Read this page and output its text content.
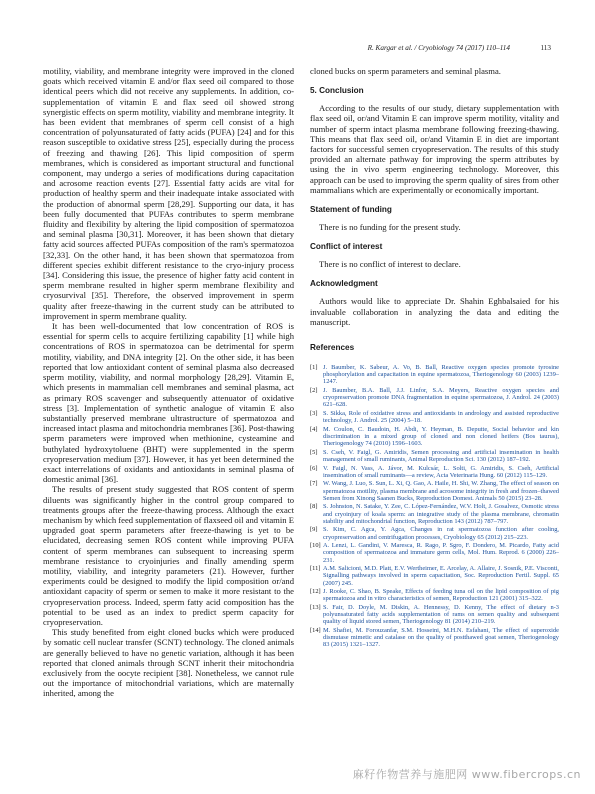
R. Kargar et al. / Cryobiology 74 (2017) 110–114	113

motility, viability, and membrane integrity were improved in the cloned goats which received vitamin E and/or flax seed oil compared to those identical peers which did not receive any supplements. In addition, co-supplementation of vitamin E and flax seed oil showed strong synergistic effects on sperm motility, viability and membrane integrity. It has been evident that membranes of sperm cell consist of a high concentration of polyunsaturated of fatty acids (PUFA) [24] and for this reason susceptible to oxidative stress [25], especially during the process of freezing and thawing [26]. This lipid composition of sperm membranes, which is considered as important structural and functional component, may undergo a series of modifications during capacitation and acrosome reaction events [27]. Essential fatty acids are vital for production of healthy sperm and their inadequate intake associated with the production of abnormal sperm [28,29]. Supporting our data, it has been fully documented that PUFAs contributes to sperm membrane fluidity and flexibility by altering the lipid composition of spermatozoa and seminal plasma [30,31]. Moreover, it has been shown that dietary fatty acid sources affected PUFAs composition of the ram's spermatozoa [32,33]. On the other hand, it has been shown that spermatozoa from different species exhibit different resistance to the cryo-injury process [34]. Considering this issue, the presence of higher fatty acid content in sperm membrane resulted in higher sperm membrane flexibility and cryosurvival [35]. Therefore, the observed improvement in sperm quality after freeze-thawing in the current study can be attributed to improvement in sperm membrane quality.

It has been well-documented that low concentration of ROS is essential for sperm cells to acquire fertilizing capability [1] while high concentrations of ROS in spermatozoa can be detrimental for sperm motility, viability, and DNA integrity [2]. On the other side, it has been reported that low antioxidant content of seminal plasma also decreased sperm motility, viability, and normal morphology [28,29]. Vitamin E, which presents in mammalian cell membranes and seminal plasma, act as primary ROS scavenger and subsequently attenuator of oxidative stress [3]. Implementation of synthetic analogue of vitamin E also substantially preserved membrane ultrastructure of spermatozoa and increased intact plasma and mitochondria membranes [36]. Post-thawing sperm parameters were improved when methionine, cysteamine and buthylated hydroxytoluene (BHT) were supplemented in the sperm cryopreservation medium [37]. However, it has yet been determined the exact interrelations of oxidants and antioxidants in seminal plasma of domestic animal [36].

The results of present study suggested that ROS content of sperm diluents was significantly higher in the control group compared to treatments groups after the freeze-thawing process. Although the exact mechanism by which feed supplementation of flaxseed oil and vitamin E upgraded goat sperm parameters after freeze-thawing is yet to be elucidated, decreasing semen ROS content while improving PUFA content of sperm membranes can subsequent to increasing sperm membrane resistance to cryoinjuries and finally amending sperm motility, viability, and integrity parameters (21). However, further experiments could be designed to modify the lipid composition or/and antioxidant capacity of sperm or semen to make it more resistant to the cryopreservation process. Indeed, sperm fatty acid composition has the potential to be used as an index to predict sperm capacity for cryopreservation.

This study benefited from eight cloned bucks which were produced by somatic cell nuclear transfer (SCNT) technology. The cloned animals are generally believed to have no genetic variation, although it has been reported that cloned animals through SCNT inherit their mitochondria exclusively from the oocyte recipient [38]. Nonetheless, we cannot rule out the importance of mitochondrial variations, which are maternally inherited, among the

cloned bucks on sperm parameters and seminal plasma.

5. Conclusion

According to the results of our study, dietary supplementation with flax seed oil, or/and Vitamin E can improve sperm motility, vitality and number of sperm intact plasma membrane following freezing-thawing. This means that flax seed oil, or/and Vitamin E in diet are important factors for successful semen cryopreservation. The results of this study provided an alternate pathway for improving the sperm attributes by using the in vivo sperm engineering technology. Moreover, this approach can be used to improving the sperm quality of sires from other mammalians which are experimentally or economically important.

Statement of funding

There is no funding for the present study.

Conflict of interest

There is no conflict of interest to declare.

Acknowledgment

Authors would like to appreciate Dr. Shahin Eghbalsaied for his invaluable collaboration in analyzing the data and editing the manuscript.

References
[1] J. Baumber, K. Sabeur, A. Vo, B. Ball, Reactive oxygen species promote tyrosine phosphorylation and capacitation in equine spermatozoa, Theriogenology 60 (2003) 1239–1247.
[2] J. Baumber, B.A. Ball, J.J. Linfor, S.A. Meyers, Reactive oxygen species and cryopreservation promote DNA fragmentation in equine spermatozoa, J. Androl. 24 (2003) 621–628.
[3] S. Sikka, Role of oxidative stress and antioxidants in andrology and assisted reproductive technology, J. Androl. 25 (2004) 5–18.
[4] M. Coulon, C. Baudoin, H. Abdi, Y. Heyman, B. Deputte, Social behavior and kin discrimination in a mixed group of cloned and non cloned heifers (Bos taurus), Theriogenology 74 (2010) 1596–1603.
[5] S. Cseh, V. Faigl, G. Amiridis, Semen processing and artificial insemination in health management of small ruminants, Animal Reproduction Sci. 130 (2012) 187–192.
[6] V. Faigl, N. Vass, A. Jávor, M. Kulcsár, L. Solti, G. Amiridis, S. Cseh, Artificial insemination of small ruminants—a review, Acta Veterinaria Hung. 60 (2012) 115–129.
[7] W. Wang, J. Luo, S. Sun, L. Xi, Q. Gao, A. Haile, H. Shi, W. Zhang, The effect of season on spermatozoa motility, plasma membrane and acrosome integrity in fresh and frozen–thawed Semen from Xinong Saanen Bucks, Reproduction Domest. Animals 50 (2015) 23–28.
[8] S. Johnston, N. Satake, Y. Zee, C. López-Fernández, W.V. Holt, J. Gosalvez, Osmotic stress and cryoinjury of koala sperm: an integrative study of the plasma membrane, chromatin stability and mitochondrial function, Reproduction 143 (2012) 787–797.
[9] S. Kim, C. Agca, Y. Agca, Changes in rat spermatozoa function after cooling, cryopreservation and centrifugation processes, Cryobiology 65 (2012) 215–223.
[10] A. Lenzi, L. Gandini, V. Maresca, R. Rago, P. Sgro, F. Dondero, M. Picardo, Fatty acid composition of spermatozoa and immature germ cells, Mol. Hum. Reprod. 6 (2000) 226–231.
[11] A.M. Salicioni, M.D. Platt, E.V. Wertheimer, E. Arcelay, A. Allaire, J. Sosnik, P.E. Visconti, Signalling pathways involved in sperm capacitation, Soc. Reproduction Fertil. Suppl. 65 (2007) 245.
[12] J. Rooke, C. Shao, B. Speake, Effects of feeding tuna oil on the lipid composition of pig spermatozoa and in vitro characteristics of semen, Reproduction 121 (2001) 315–322.
[13] S. Fair, D. Doyle, M. Diskin, A. Hennessy, D. Kenny, The effect of dietary n-3 polyunsaturated fatty acids supplementation of rams on semen quality and subsequent quality of liquid stored semen, Theriogenology 81 (2014) 210–219.
[14] M. Shafiei, M. Forouzanfar, S.M. Hosseini, M.H.N. Esfahani, The effect of superoxide dismutase mimetic and catalase on the quality of postthawed goat semen, Theriogenology 83 (2015) 1321–1327.
麻籽作物营养与施肥网 www.fibercrops.cn
